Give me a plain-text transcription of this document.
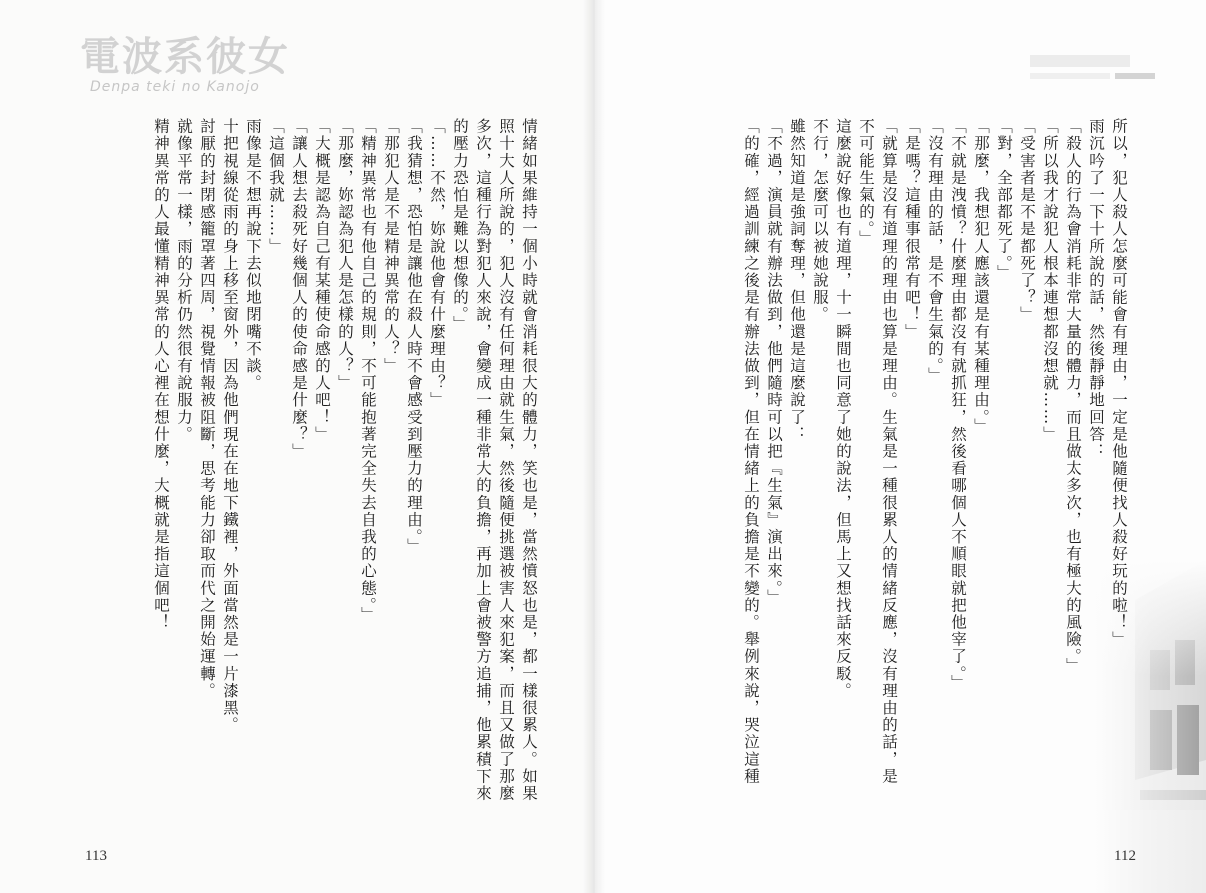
電波系彼女
Denpa teki no Kanojo

所以，犯人殺人怎麼可能會有理由，一定是他隨便找人殺好玩的啦！」

雨沉吟了一下十所說的話，然後靜靜地回答：

「殺人的行為會消耗非常大量的體力，而且做太多次，也有極大的風險。」

「所以我才說犯人根本連想都沒想就……」

「受害者是不是都死了？」

「對，全部都死了。」

「那麼，我想犯人應該還是有某種理由。」

「不就是洩憤？什麼理由都沒有就抓狂，然後看哪個人不順眼就把他宰了。」

「沒有理由的話，是不會生氣的。」

「是嗎？這種事很常有吧！」

「就算是沒有道理的理由也算是理由。生氣是一種很累人的情緒反應，沒有理由的話，是

不可能生氣的。」

這麼說好像也有道理，十一瞬間也同意了她的說法，但馬上又想找話來反駁。

不行，怎麼可以被她說服。

雖然知道是強詞奪理，但他還是這麼說了：

「不過，演員就有辦法做到，他們隨時可以把『生氣』演出來。」

「的確，經過訓練之後是有辦法做到，但在情緒上的負擔是不變的。舉例來說，哭泣這種

情緒如果維持一個小時就會消耗很大的體力，笑也是，當然憤怒也是，都一樣很累人。如果

照十大人所說的，犯人沒有任何理由就生氣，然後隨便挑選被害人來犯案，而且又做了那麼

多次，這種行為對犯人來說，會變成一種非常大的負擔，再加上會被警方追捕，他累積下來

的壓力恐怕是難以想像的。」

「……不然，妳說他會有什麼理由？」

「我猜想，恐怕是讓他在殺人時不會感受到壓力的理由。」

「那犯人是不是精神異常的人？」

「精神異常也有他自己的規則，不可能抱著完全失去自我的心態。」

「那麼，妳認為犯人是怎樣的人？」

「大概是認為自己有某種使命感的人吧！」

「讓人想去殺死好幾個人的使命感是什麼？」

「這個我就……」

雨像是不想再說下去似地閉嘴不談。

十把視線從雨的身上移至窗外，因為他們現在在地下鐵裡，外面當然是一片漆黑。

討厭的封閉感籠罩著四周，視覺情報被阻斷，思考能力卻取而代之開始運轉。

就像平常一樣，雨的分析仍然很有說服力。

精神異常的人最懂精神異常的人心裡在想什麼，大概就是指這個吧！

113	112
